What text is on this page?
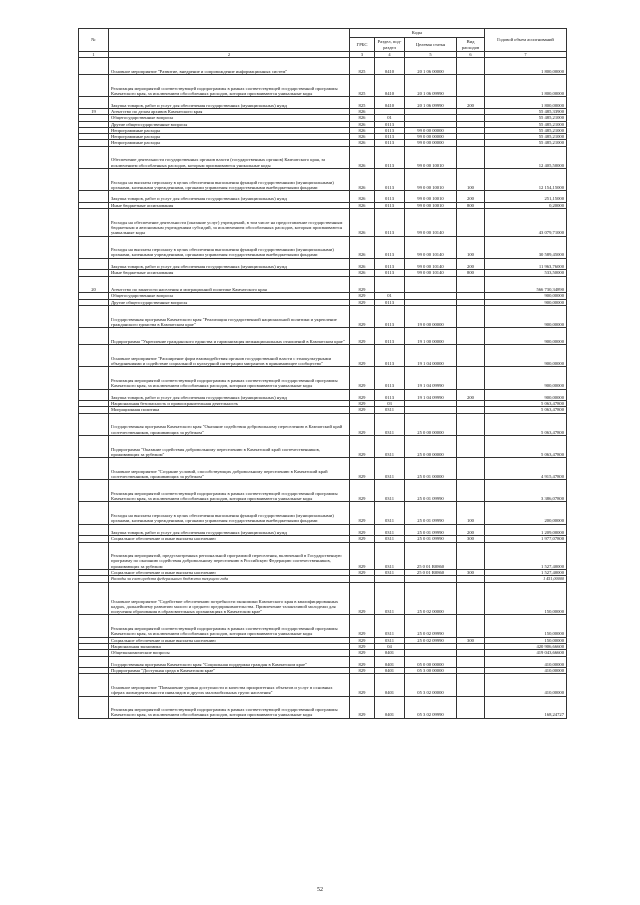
№		Коды				Годовой объем ассигнований
		ГРБС	Раздел, под-раздел	Целевая статья	Вид расходов	
1	2	3	4	5	6	7
	Основное мероприятие "Развитие, внедрение и сопровождение информационных систем"	825	0410	20 1 06 00000		1 800,00000
	Реализация мероприятий соответствующей подпрограммы в рамках соответствующей государственной программы Камчатского края, за исключением обособленных расходов, которым присваиваются уникальные коды	825	0410	20 1 06 09990		1 800,00000
	Закупка товаров, работ и услуг для обеспечения государственных (муниципальных) нужд	825	0410	20 1 06 09990	200	1 800,00000
19	Агентство по делам архивов Камчатского края	826				55 485,33900
	Общегосударственные вопросы	826	01			55 485,21000
	Другие общегосударственные вопросы	826	0113			55 485,21000
	Непрограммные расходы	826	0113	99 0 00 00000		55 485,21000
	Непрограммные расходы	826	0113	99 0 00 00000		55 485,21000
	Непрограммные расходы	826	0113	99 0 00 00000		55 485,21000
	Обеспечение деятельности государственных органов власти (государственных органов) Камчатского края, за исключением обособленных расходов, которым присваиваются уникальные коды	826	0113	99 0 00 10010		12 405,50000
	Расходы на выплаты персоналу в целях обеспечения выполнения функций государственными (муниципальными) органами, казенными учреждениями, органами управления государственными внебюджетными фондами	826	0113	99 0 00 10010	100	12 154,15000
	Закупка товаров, работ и услуг для обеспечения государственных (муниципальных) нужд	826	0113	99 0 00 10010	200	251,15000
	Иные бюджетные ассигнования	826	0113	99 0 00 10010	800	0,20000
	Расходы на обеспечение деятельности (оказание услуг) учреждений, в том числе на предоставление государственным бюджетным и автономным учреждениям субсидий, за исключением обособленных расходов, которым присваиваются уникальные коды	826	0113	99 0 00 10140		43 079,71000
	Расходы на выплаты персоналу в целях обеспечения выполнения функций государственными (муниципальными) органами, казенными учреждениями, органами управления государственными внебюджетными фондами	826	0113	99 0 00 10140	100	30 589,45000
	Закупка товаров, работ и услуг для обеспечения государственных (муниципальных) нужд	826	0113	99 0 00 10140	200	11 963,76000
	Иные бюджетные ассигнования	826	0113	99 0 00 10140	800	533,50000
20	Агентство по занятости населения и миграционной политике Камчатского края	829				566 730,34890
	Общегосударственные вопросы	829	01			900,00000
	Другие общегосударственные вопросы	829	0113			900,00000
	Государственная программа Камчатского края "Реализация государственной национальной политики и укрепление гражданского единства в Камчатском крае"	829	0113	19 0 00 00000		900,00000
	Подпрограмма "Укрепление гражданского единства и гармонизация межнациональных отношений в Камчатском крае"	829	0113	19 1 00 00000		900,00000
	Основное мероприятие "Расширение форм взаимодействия органов государственной власти с этнокультурными объединениями и содействие социальной и культурной интеграции мигрантов в принимающее сообщество"	829	0113	19 1 04 00000		900,00000
	Реализация мероприятий соответствующей подпрограммы в рамках соответствующей государственной программы Камчатского края, за исключением обособленных расходов, которым присваиваются уникальные коды	829	0113	19 1 04 09990		900,00000
	Закупка товаров, работ и услуг для обеспечения государственных (муниципальных) нужд	829	0113	19 1 04 09990	200	900,00000
	Национальная безопасность и правоохранительная деятельность	829	03			5 063,47800
	Миграционная политика	829	0311			5 063,47800
	Государственная программа Камчатского края "Оказание содействия добровольному переселению в Камчатский край соотечественников, проживающих за рубежом"	829	0311	25 0 00 00000		5 063,47800
	Подпрограмма "Оказание содействия добровольному переселению в Камчатский край соотечественников, проживающих за рубежом"	829	0311	25 0 00 00000		5 063,47800
	Основное мероприятие "Создание условий, способствующих добровольному переселению в Камчатский край соотечественников, проживающих за рубежом"	829	0311	25 0 01 00000		4 915,47800
	Реализация мероприятий соответствующей подпрограммы в рамках соответствующей государственной программы Камчатского края, за исключением обособленных расходов, которым присваиваются уникальные коды	829	0311	25 0 01 09990		3 386,07800
	Расходы на выплаты персоналу в целях обеспечения выполнения функций государственными (муниципальными) органами, казенными учреждениями, органами управления государственными внебюджетными фондами	829	0311	25 0 01 09990	100	200,00000
	Закупка товаров, работ и услуг для обеспечения государственных (муниципальных) нужд	829	0311	25 0 01 09990	200	1 209,00000
	Социальное обеспечение и иные выплаты населению	829	0311	25 0 01 09990	300	1 977,07800
	Реализация мероприятий, предусмотренных региональной программой переселения, включенной в Государственную программу по оказанию содействия добровольному переселению в Российскую Федерацию соотечественников, проживающих за рубежом	829	0311	25 0 01 R0860		1 527,40000
	Социальное обеспечение и иные выплаты населению	829	0311	25 0 01 R0860	300	1 527,40000
	Расходы за счет средств федерального бюджета текущего года					1 451,00000
	Основное мероприятие "Содействие обеспечению потребности экономики Камчатского края в квалифицированных кадрах, дальнейшему развитию малого и среднего предпринимательства. Привлечение талантливой молодежи для получения образования в образовательных организациях в Камчатском крае"	829	0311	25 0 02 00000		150,00000
	Реализация мероприятий соответствующей подпрограммы в рамках соответствующей государственной программы Камчатского края, за исключением обособленных расходов, которым присваиваются уникальные коды	829	0311	25 0 02 09990		150,00000
	Социальное обеспечение и иные выплаты населению	829	0311	25 0 02 09990	300	150,00000
	Национальная экономика	829	04			420 906,66600
	Общеэкономические вопросы	829	0401			419 043,66600
	Государственная программа Камчатского края "Социальная поддержка граждан в Камчатском крае"	829	0401	05 0 00 00000		410,00000
	Подпрограмма "Доступная среда в Камчатском крае"	829	0401	05 3 00 00000		410,00000
	Основное мероприятие "Повышение уровня доступности и качества приоритетных объектов и услуг в основных сферах жизнедеятельности инвалидов и других маломобильных групп населения"	829	0401	05 3 02 00000		410,00000
	Реализация мероприятий соответствующей подпрограммы в рамках соответствующей государственной программы Камчатского края, за исключением обособленных расходов, которым присваиваются уникальные коды	829	0401	05 3 02 09990		168,24727
52
